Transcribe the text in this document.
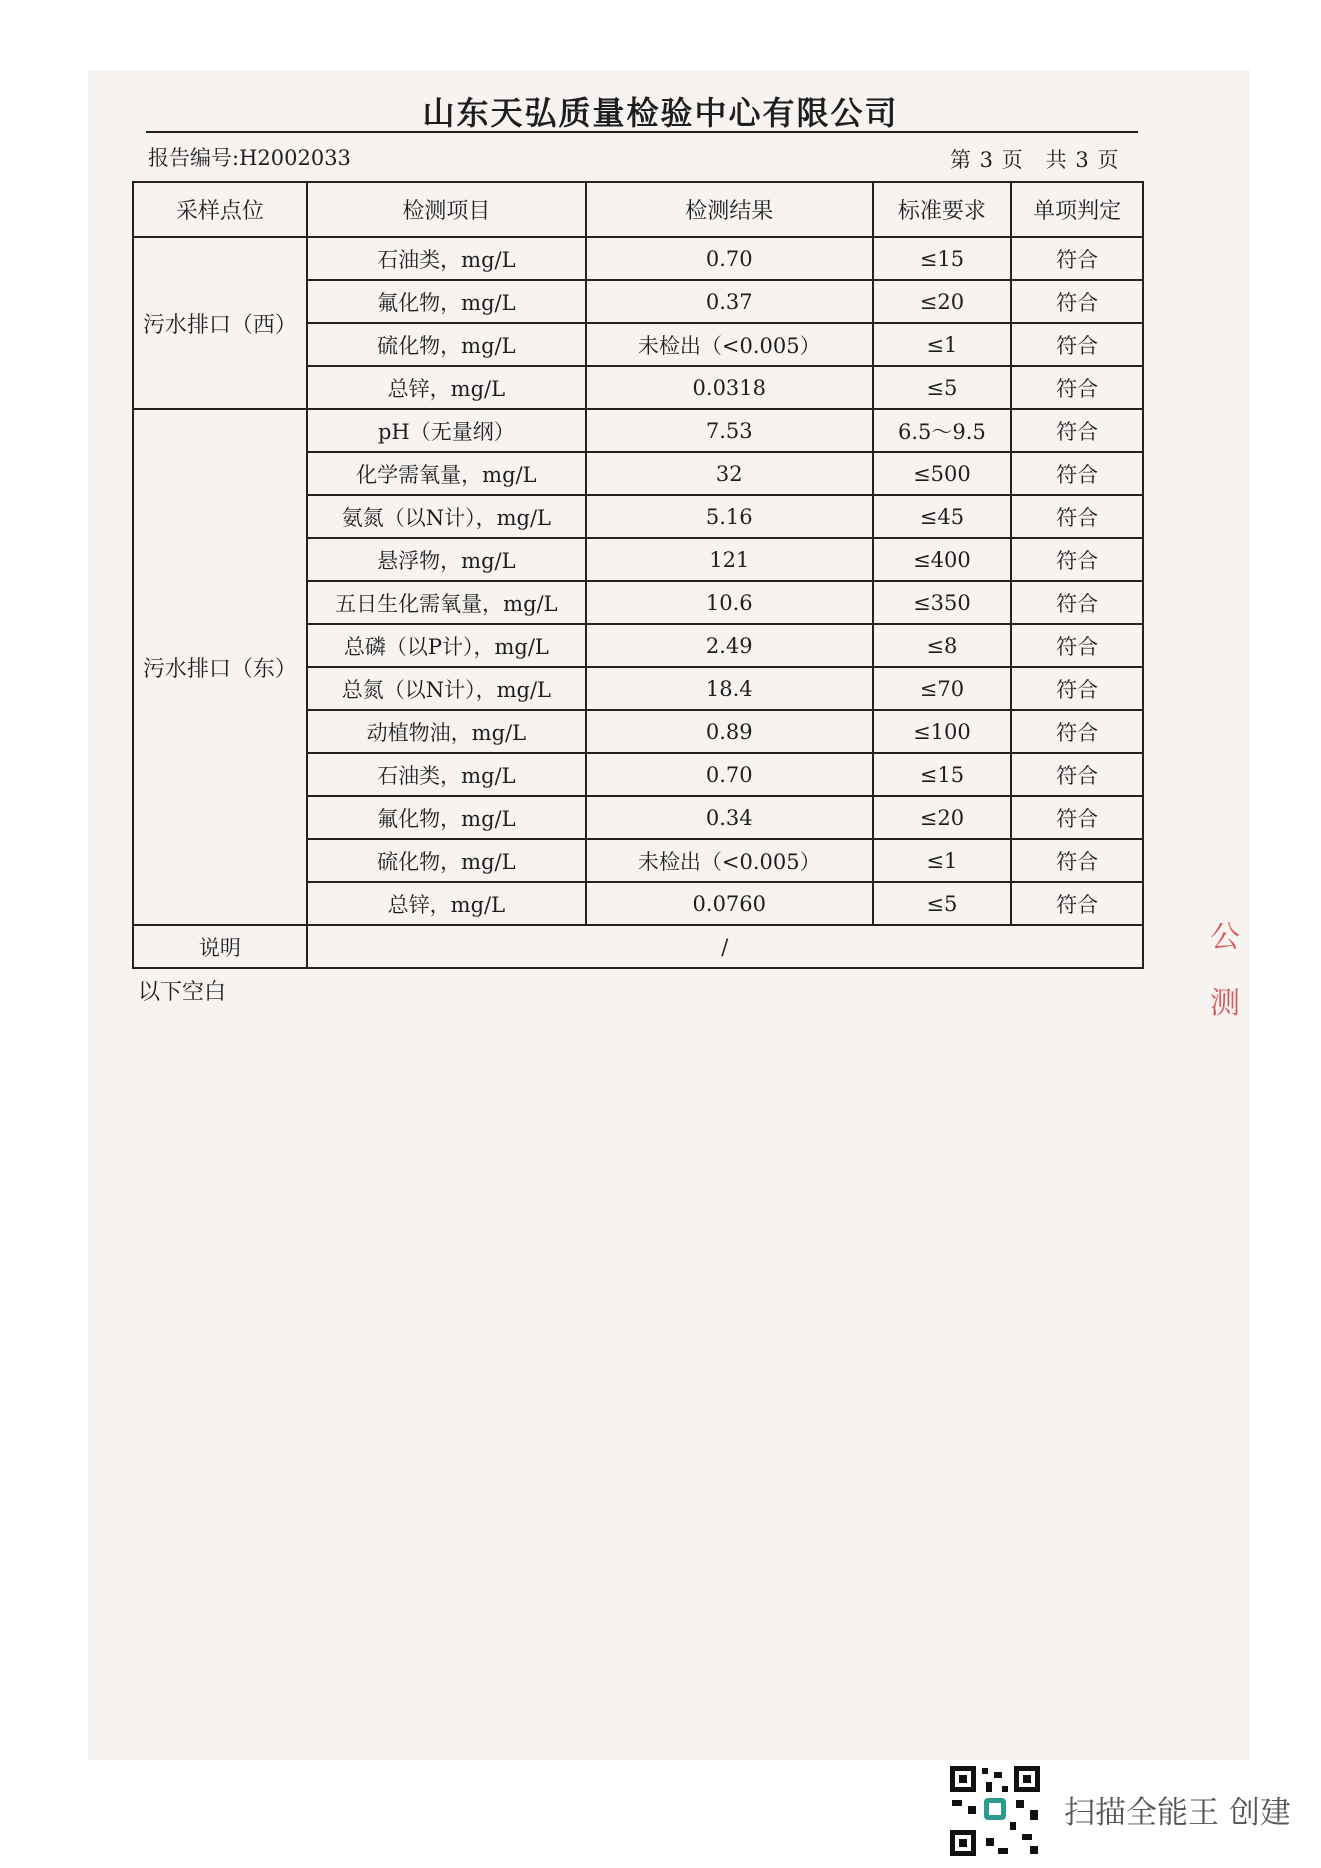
山东天弘质量检验中心有限公司
报告编号:H2002033	第 3 页　共 3 页
采样点位	检测项目	检测结果	标准要求	单项判定
污水排口（西）	石油类，mg/L	0.70	≤15	符合
	氟化物，mg/L	0.37	≤20	符合
	硫化物，mg/L	未检出（<0.005）	≤1	符合
	总锌，mg/L	0.0318	≤5	符合
污水排口（东）	pH（无量纲）	7.53	6.5～9.5	符合
	化学需氧量，mg/L	32	≤500	符合
	氨氮（以N计），mg/L	5.16	≤45	符合
	悬浮物，mg/L	121	≤400	符合
	五日生化需氧量，mg/L	10.6	≤350	符合
	总磷（以P计），mg/L	2.49	≤8	符合
	总氮（以N计），mg/L	18.4	≤70	符合
	动植物油，mg/L	0.89	≤100	符合
	石油类，mg/L	0.70	≤15	符合
	氟化物，mg/L	0.34	≤20	符合
	硫化物，mg/L	未检出（<0.005）	≤1	符合
	总锌，mg/L	0.0760	≤5	符合
说明	/			
以下空白
公
测
扫描全能王 创建
